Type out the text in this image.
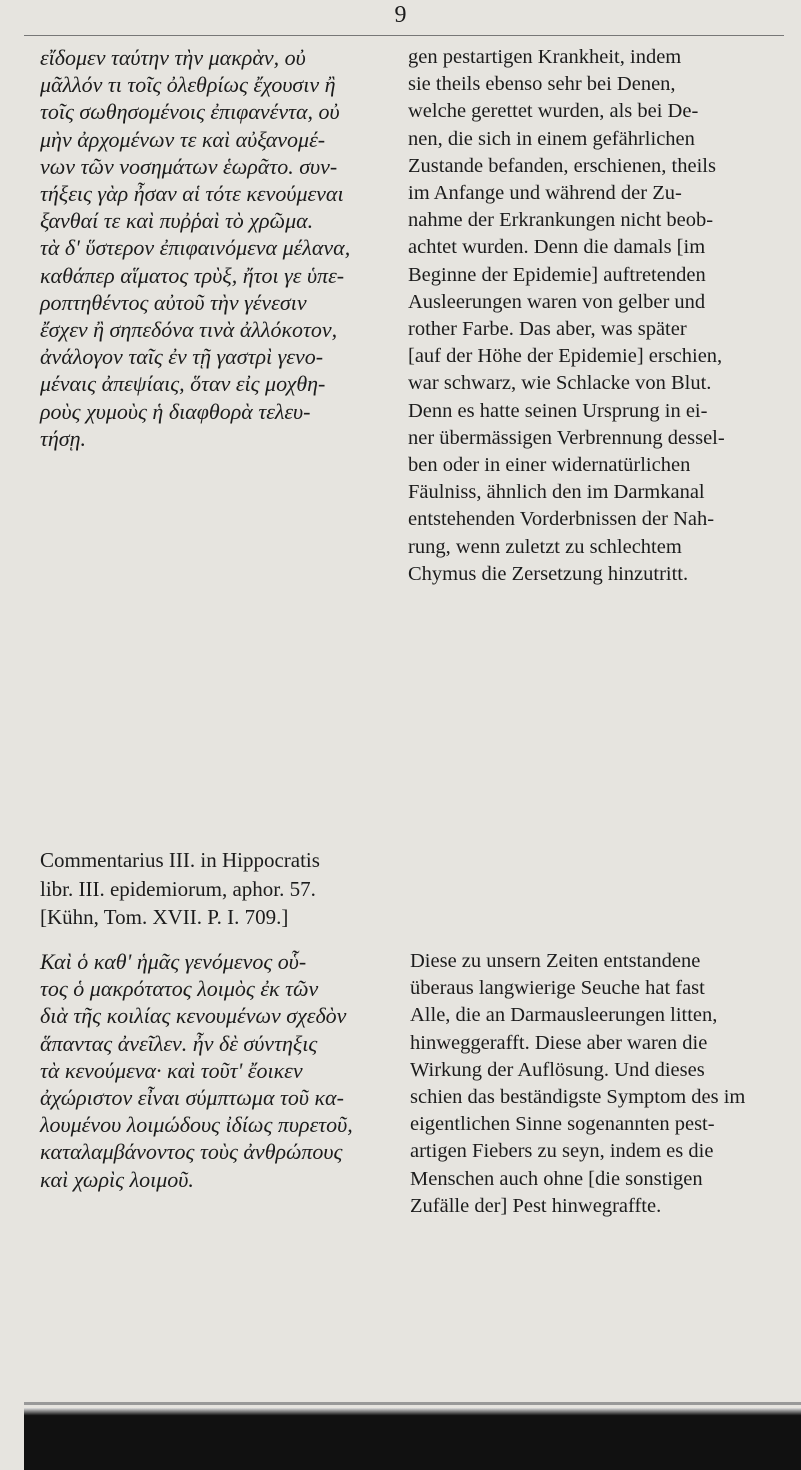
9
εἴδομεν ταύτην τὴν μακρὰν, οὐ
μᾶλλόν τι τοῖς ὀλεθρίως ἔχουσιν ἢ
τοῖς σωθησομένοις ἐπιφανέντα, οὐ
μὴν ἀρχομένων τε καὶ αὐξανομέ-
νων τῶν νοσημάτων ἑωρᾶτο. συν-
τήξεις γὰρ ἦσαν αἱ τότε κενούμεναι
ξανθαί τε καὶ πυῤῥαὶ τὸ χρῶμα.
τὰ δ' ὕστερον ἐπιφαινόμενα μέλανα,
καθάπερ αἵματος τρὺξ, ἤτοι γε ὑπε-
ροπτηθέντος αὐτοῦ τὴν γένεσιν
ἔσχεν ἢ σηπεδόνα τινὰ ἀλλόκοτον,
ἀνάλογον ταῖς ἐν τῇ γαστρὶ γενο-
μέναις ἀπεψίαις, ὅταν εἰς μοχθη-
ροὺς χυμοὺς ἡ διαφθορὰ τελευ-
τήσῃ.
gen pestartigen Krankheit, indem
sie theils ebenso sehr bei Denen,
welche gerettet wurden, als bei De-
nen, die sich in einem gefährlichen
Zustande befanden, erschienen, theils
im Anfange und während der Zu-
nahme der Erkrankungen nicht beob-
achtet wurden. Denn die damals [im
Beginne der Epidemie] auftretenden
Ausleerungen waren von gelber und
rother Farbe. Das aber, was später
[auf der Höhe der Epidemie] erschien,
war schwarz, wie Schlacke von Blut.
Denn es hatte seinen Ursprung in ei-
ner übermässigen Verbrennung dessel-
ben oder in einer widernatürlichen
Fäulniss, ähnlich den im Darmkanal
entstehenden Vorderbnissen der Nah-
rung, wenn zuletzt zu schlechtem
Chymus die Zersetzung hinzutritt.
Commentarius III. in Hippocratis
libr. III. epidemiorum, aphor. 57.
[Kühn, Tom. XVII. P. I. 709.]
Καὶ ὁ καθ' ἡμᾶς γενόμενος οὗ-
τος ὁ μακρότατος λοιμὸς ἐκ τῶν
διὰ τῆς κοιλίας κενουμένων σχεδὸν
ἅπαντας ἀνεῖλεν. ἦν δὲ σύντηξις
τὰ κενούμενα· καὶ τοῦτ' ἔοικεν
ἀχώριστον εἶναι σύμπτωμα τοῦ κα-
λουμένου λοιμώδους ἰδίως πυρετοῦ,
καταλαμβάνοντος τοὺς ἀνθρώπους
καὶ χωρὶς λοιμοῦ.
Diese zu unsern Zeiten entstandene
überaus langwierige Seuche hat fast
Alle, die an Darmausleerungen litten,
hinweggerafft. Diese aber waren die
Wirkung der Auflösung. Und dieses
schien das beständigste Symptom des im
eigentlichen Sinne sogenannten pest-
artigen Fiebers zu seyn, indem es die
Menschen auch ohne [die sonstigen
Zufälle der] Pest hinwegraffte.
